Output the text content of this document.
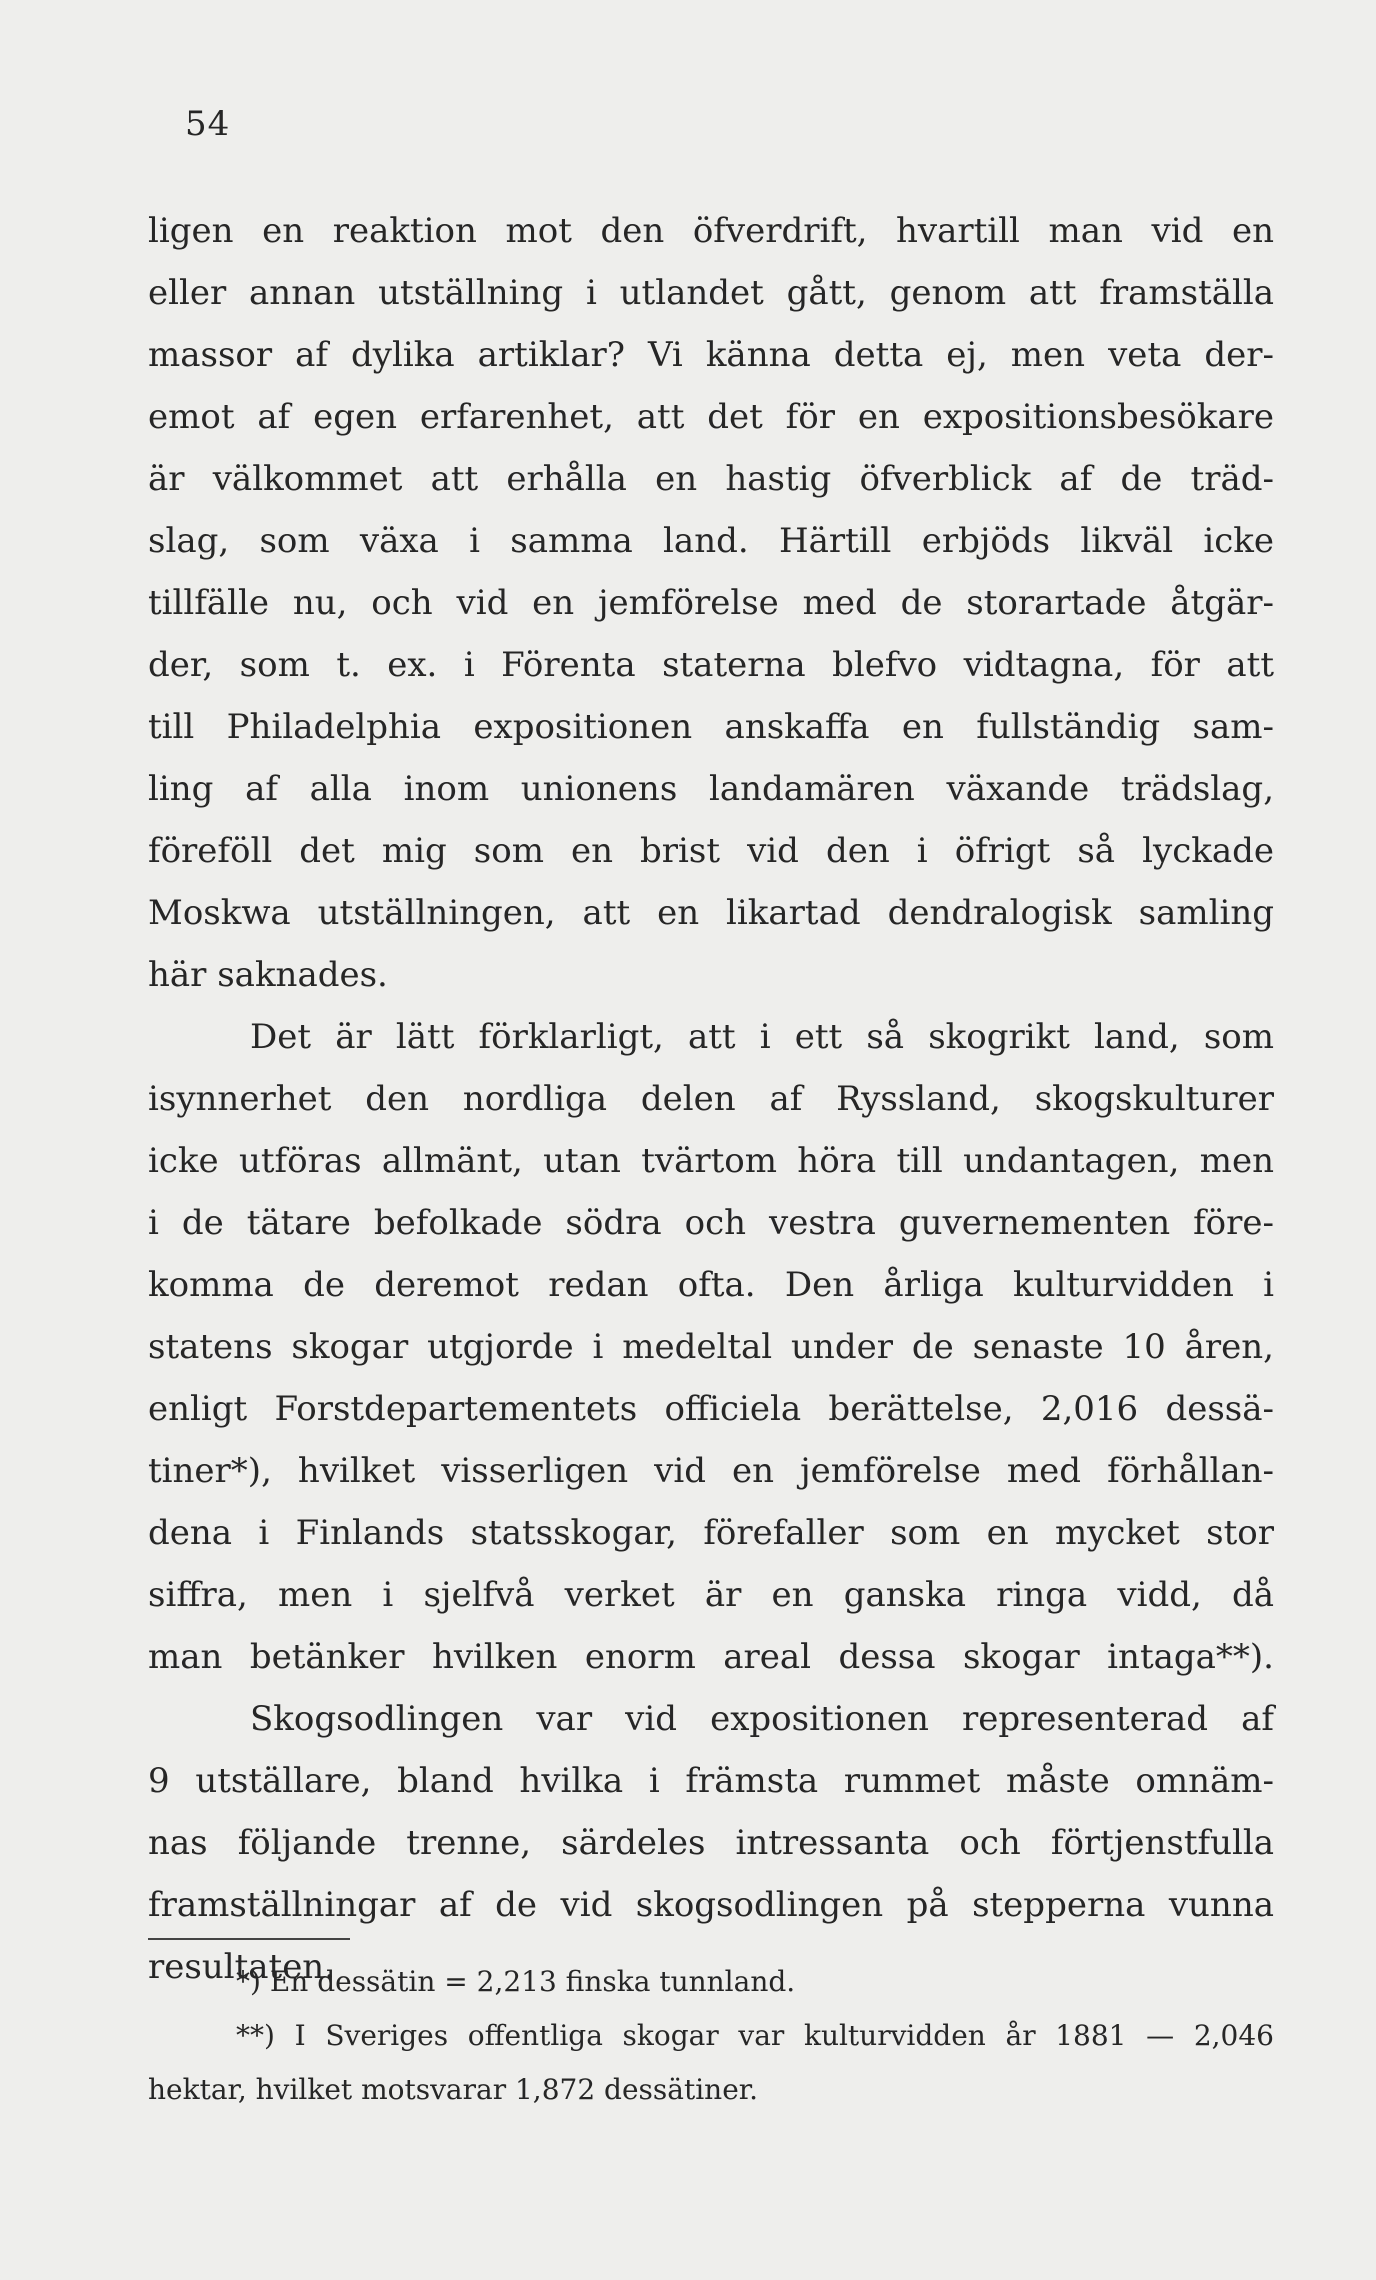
54
ligen en reaktion mot den öfverdrift, hvartill man vid en
eller annan utställning i utlandet gått, genom att framställa
massor af dylika artiklar? Vi känna detta ej, men veta der-
emot af egen erfarenhet, att det för en expositionsbesökare
är välkommet att erhålla en hastig öfverblick af de träd-
slag, som växa i samma land. Härtill erbjöds likväl icke
tillfälle nu, och vid en jemförelse med de storartade åtgär-
der, som t. ex. i Förenta staterna blefvo vidtagna, för att
till Philadelphia expositionen anskaffa en fullständig sam-
ling af alla inom unionens landamären växande trädslag,
föreföll det mig som en brist vid den i öfrigt så lyckade
Moskwa utställningen, att en likartad dendralogisk samling
här saknades.
Det är lätt förklarligt, att i ett så skogrikt land, som
isynnerhet den nordliga delen af Ryssland, skogskulturer
icke utföras allmänt, utan tvärtom höra till undantagen, men
i de tätare befolkade södra och vestra guvernementen före-
komma de deremot redan ofta. Den årliga kulturvidden i
statens skogar utgjorde i medeltal under de senaste 10 åren,
enligt Forstdepartementets officiela berättelse, 2,016 dessä-
tiner*), hvilket visserligen vid en jemförelse med förhållan-
dena i Finlands statsskogar, förefaller som en mycket stor
siffra, men i sjelfvå verket är en ganska ringa vidd, då
man betänker hvilken enorm areal dessa skogar intaga**).
Skogsodlingen var vid expositionen representerad af
9 utställare, bland hvilka i främsta rummet måste omnäm-
nas följande trenne, särdeles intressanta och förtjenstfulla
framställningar af de vid skogsodlingen på stepperna vunna
resultaten.
*) En dessätin = 2,213 finska tunnland.
**) I Sveriges offentliga skogar var kulturvidden år 1881 — 2,046
hektar, hvilket motsvarar 1,872 dessätiner.
